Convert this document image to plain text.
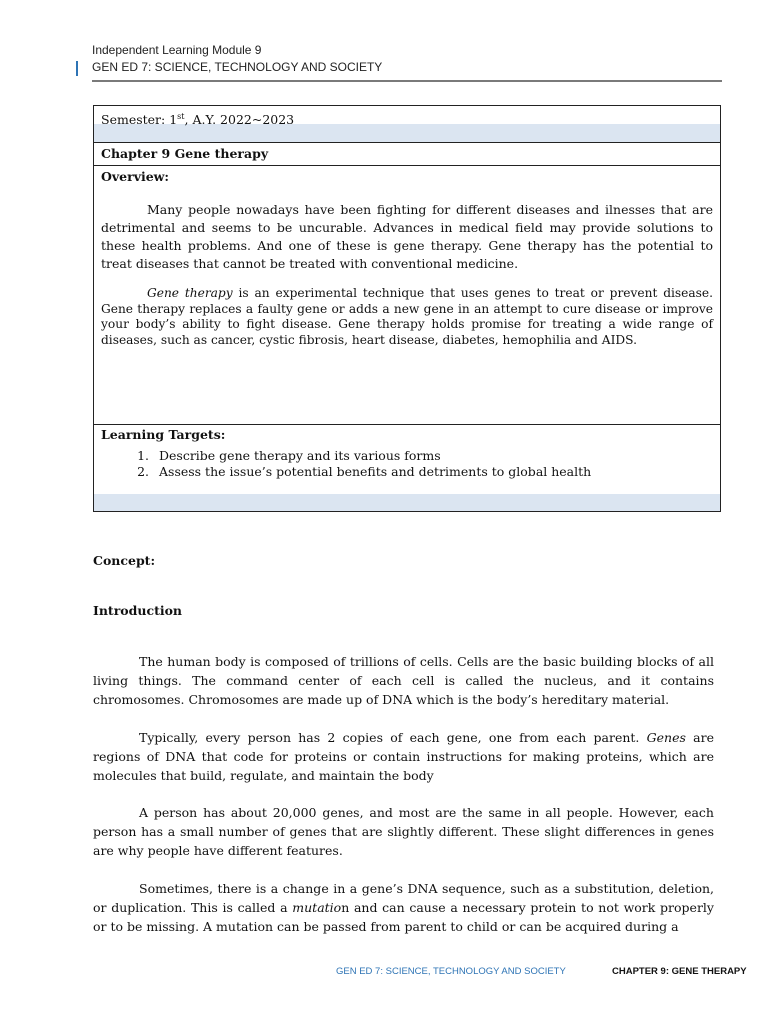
Independent Learning Module 9
GEN ED 7: SCIENCE, TECHNOLOGY AND SOCIETY
Semester: 1st, A.Y. 2022~2023
Chapter 9 Gene therapy
Overview:

Many people nowadays have been fighting for different diseases and ilnesses that are detrimental and seems to be uncurable. Advances in medical field may provide solutions to these health problems. And one of these is gene therapy. Gene therapy has the potential to treat diseases that cannot be treated with conventional medicine.

Gene therapy is an experimental technique that uses genes to treat or prevent disease. Gene therapy replaces a faulty gene or adds a new gene in an attempt to cure disease or improve your body’s ability to fight disease. Gene therapy holds promise for treating a wide range of diseases, such as cancer, cystic fibrosis, heart disease, diabetes, hemophilia and AIDS.

Learning Targets:
1. Describe gene therapy and its various forms
2. Assess the issue’s potential benefits and detriments to global health
Concept:
Introduction

The human body is composed of trillions of cells. Cells are the basic building blocks of all living things. The command center of each cell is called the nucleus, and it contains chromosomes. Chromosomes are made up of DNA which is the body’s hereditary material.

Typically, every person has 2 copies of each gene, one from each parent. Genes are regions of DNA that code for proteins or contain instructions for making proteins, which are molecules that build, regulate, and maintain the body

A person has about 20,000 genes, and most are the same in all people. However, each person has a small number of genes that are slightly different. These slight differences in genes are why people have different features.

Sometimes, there is a change in a gene’s DNA sequence, such as a substitution, deletion, or duplication. This is called a mutation and can cause a necessary protein to not work properly or to be missing. A mutation can be passed from parent to child or can be acquired during a

GEN ED 7: SCIENCE, TECHNOLOGY AND SOCIETY	CHAPTER 9: GENE THERAPY
